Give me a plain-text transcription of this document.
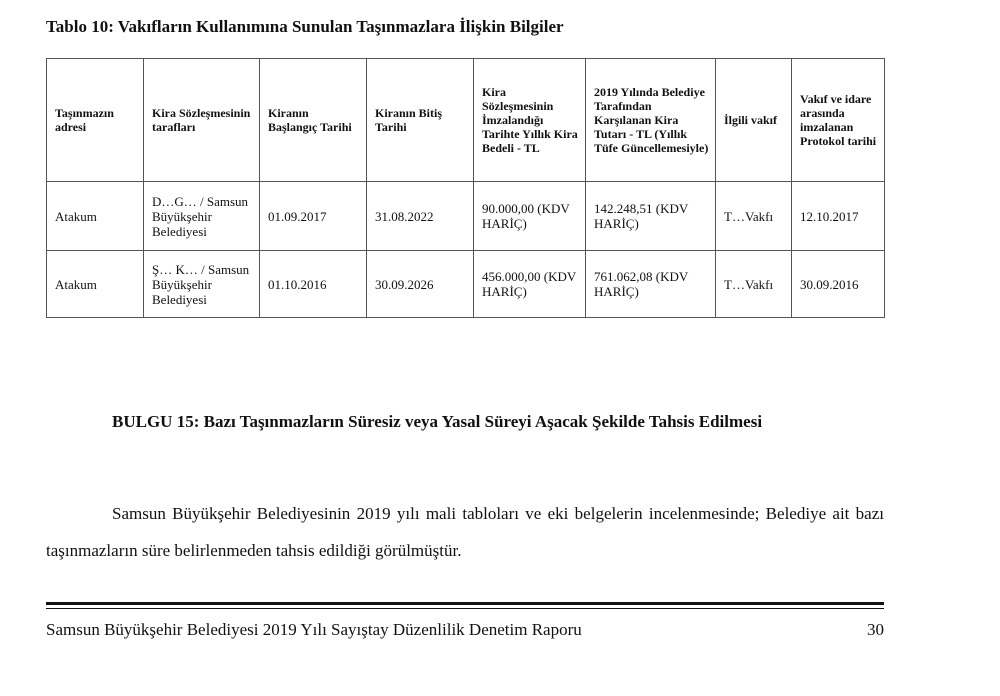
Tablo 10: Vakıfların Kullanımına Sunulan Taşınmazlara İlişkin Bilgiler
Taşınmazın adresi	Kira Sözleşmesinin tarafları	Kiranın Başlangıç Tarihi	Kiranın Bitiş Tarihi	Kira Sözleşmesinin İmzalandığı Tarihte Yıllık Kira Bedeli - TL	2019 Yılında Belediye Tarafından Karşılanan Kira Tutarı - TL (Yıllık Tüfe Güncellemesiyle)	İlgili vakıf	Vakıf ve idare arasında imzalanan Protokol tarihi
Atakum	D…G… / Samsun Büyükşehir Belediyesi	01.09.2017	31.08.2022	90.000,00 (KDV HARİÇ)	142.248,51 (KDV HARİÇ)	T…Vakfı	12.10.2017
Atakum	Ş… K… / Samsun Büyükşehir Belediyesi	01.10.2016	30.09.2026	456.000,00 (KDV HARİÇ)	761.062,08 (KDV HARİÇ)	T…Vakfı	30.09.2016
BULGU 15: Bazı Taşınmazların Süresiz veya Yasal Süreyi Aşacak Şekilde Tahsis Edilmesi
Samsun Büyükşehir Belediyesinin 2019 yılı mali tabloları ve eki belgelerin incelenmesinde; Belediye ait bazı taşınmazların süre belirlenmeden tahsis edildiği görülmüştür.
Samsun Büyükşehir Belediyesi 2019 Yılı Sayıştay Düzenlilik Denetim Raporu	30
